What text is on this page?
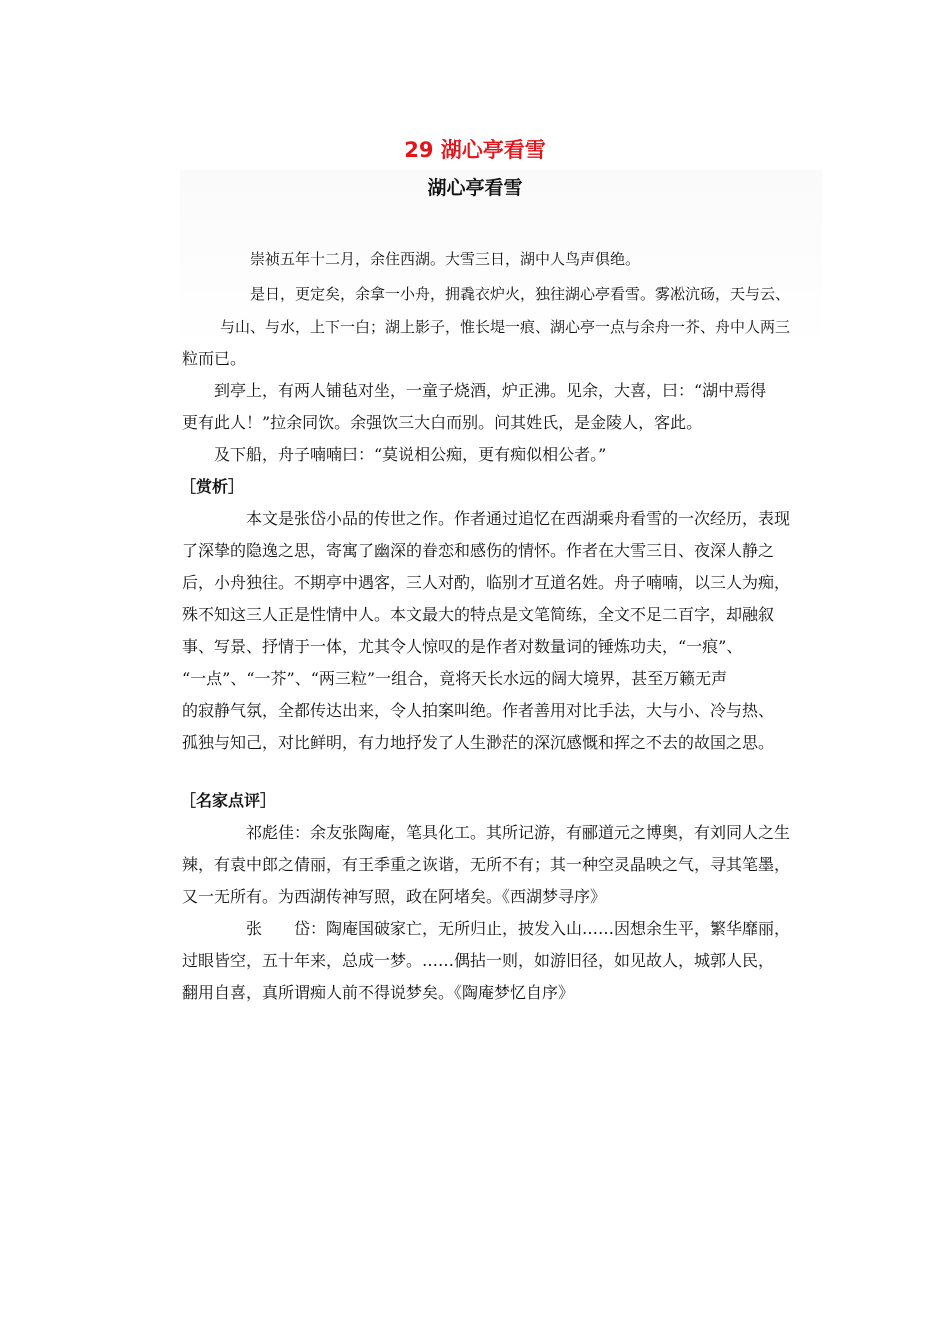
29 湖心亭看雪
湖心亭看雪
崇祯五年十二月，余住西湖。大雪三日，湖中人鸟声俱绝。
是日，更定矣，余拿一小舟，拥毳衣炉火，独往湖心亭看雪。雾凇沆砀，天与云、
与山、与水，上下一白；湖上影子，惟长堤一痕、湖心亭一点与余舟一芥、舟中人两三
粒而已。
到亭上，有两人铺毡对坐，一童子烧酒，炉正沸。见余，大喜，曰：“湖中焉得
更有此人！”拉余同饮。余强饮三大白而别。问其姓氏，是金陵人，客此。
及下船，舟子喃喃曰：“莫说相公痴，更有痴似相公者。”
［赏析］
本文是张岱小品的传世之作。作者通过追忆在西湖乘舟看雪的一次经历，表现
了深挚的隐逸之思，寄寓了幽深的眷恋和感伤的情怀。作者在大雪三日、夜深人静之
后，小舟独往。不期亭中遇客，三人对酌，临别才互道名姓。舟子喃喃，以三人为痴，
殊不知这三人正是性情中人。本文最大的特点是文笔简练，全文不足二百字，却融叙
事、写景、抒情于一体，尤其令人惊叹的是作者对数量词的锤炼功夫，“一痕”、
“一点”、“一芥”、“两三粒”一组合，竟将天长水远的阔大境界，甚至万籁无声
的寂静气氛，全都传达出来，令人拍案叫绝。作者善用对比手法，大与小、冷与热、
孤独与知己，对比鲜明，有力地抒发了人生渺茫的深沉感慨和挥之不去的故国之思。
［名家点评］
祁彪佳：余友张陶庵，笔具化工。其所记游，有郦道元之博奥，有刘同人之生
辣，有袁中郎之倩丽，有王季重之诙谐，无所不有；其一种空灵晶映之气，寻其笔墨，
又一无所有。为西湖传神写照，政在阿堵矣。《西湖梦寻序》
张　　岱：陶庵国破家亡，无所归止，披发入山……因想余生平，繁华靡丽，
过眼皆空，五十年来，总成一梦。……偶拈一则，如游旧径，如见故人，城郭人民，
翻用自喜，真所谓痴人前不得说梦矣。《陶庵梦忆自序》
